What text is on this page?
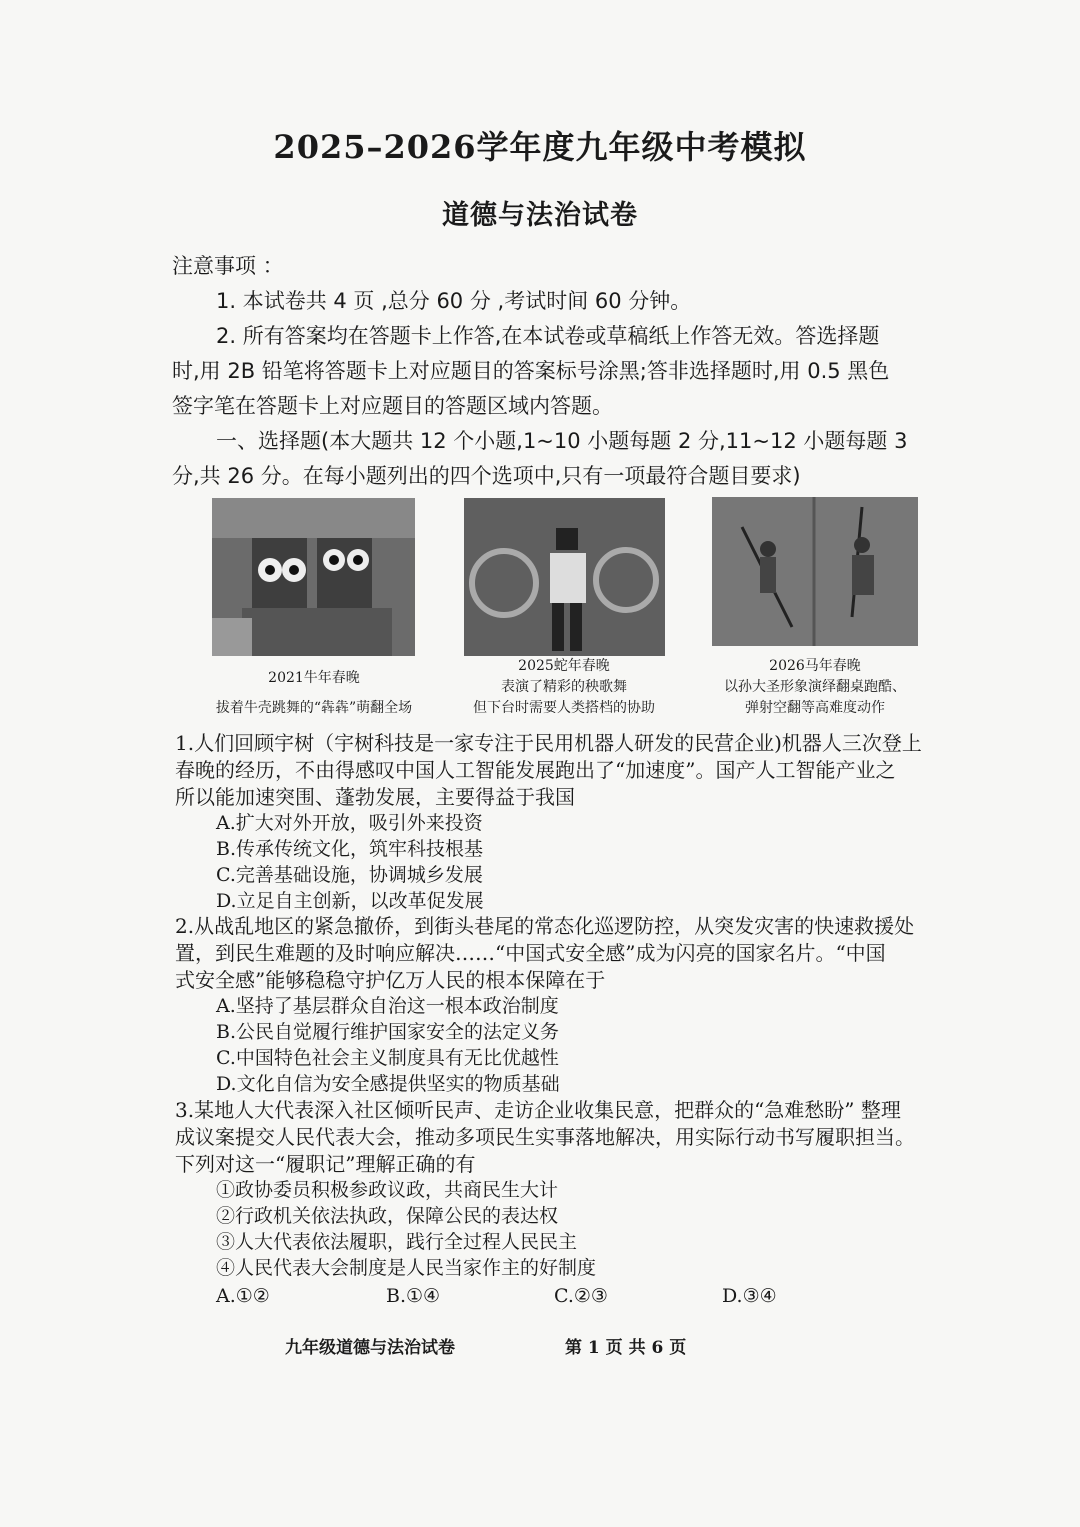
2025–2026学年度九年级中考模拟
道德与法治试卷
注意事项 ：
1. 本试卷共 4 页 ,总分 60 分 ,考试时间 60 分钟。
2. 所有答案均在答题卡上作答,在本试卷或草稿纸上作答无效。答选择题
时,用 2B 铅笔将答题卡上对应题目的答案标号涂黑;答非选择题时,用 0.5 黑色
签字笔在答题卡上对应题目的答题区域内答题。
一、选择题(本大题共 12 个小题,1~10 小题每题 2 分,11~12 小题每题 3
分,共 26 分。在每小题列出的四个选项中,只有一项最符合题目要求)
2021牛年春晚
拔着牛壳跳舞的“犇犇”萌翻全场
2025蛇年春晚
表演了精彩的秧歌舞
但下台时需要人类搭档的协助
2026马年春晚
以孙大圣形象演绎翻桌跑酷、
弹射空翻等高难度动作
1.人们回顾宇树（宇树科技是一家专注于民用机器人研发的民营企业)机器人三次登上
春晚的经历，不由得感叹中国人工智能发展跑出了“加速度”。国产人工智能产业之
所以能加速突围、蓬勃发展，主要得益于我国
A.扩大对外开放，吸引外来投资
B.传承传统文化，筑牢科技根基
C.完善基础设施，协调城乡发展
D.立足自主创新，以改革促发展
2.从战乱地区的紧急撤侨，到街头巷尾的常态化巡逻防控，从突发灾害的快速救援处
置，到民生难题的及时响应解决……“中国式安全感”成为闪亮的国家名片。“中国
式安全感”能够稳稳守护亿万人民的根本保障在于
A.坚持了基层群众自治这一根本政治制度
B.公民自觉履行维护国家安全的法定义务
C.中国特色社会主义制度具有无比优越性
D.文化自信为安全感提供坚实的物质基础
3.某地人大代表深入社区倾听民声、走访企业收集民意，把群众的“急难愁盼” 整理
成议案提交人民代表大会，推动多项民生实事落地解决，用实际行动书写履职担当。
下列对这一“履职记”理解正确的有
①政协委员积极参政议政，共商民生大计
②行政机关依法执政，保障公民的表达权
③人大代表依法履职，践行全过程人民民主
④人民代表大会制度是人民当家作主的好制度
A.①②	B.①④	C.②③	D.③④
九年级道德与法治试卷	第 1 页 共 6 页
